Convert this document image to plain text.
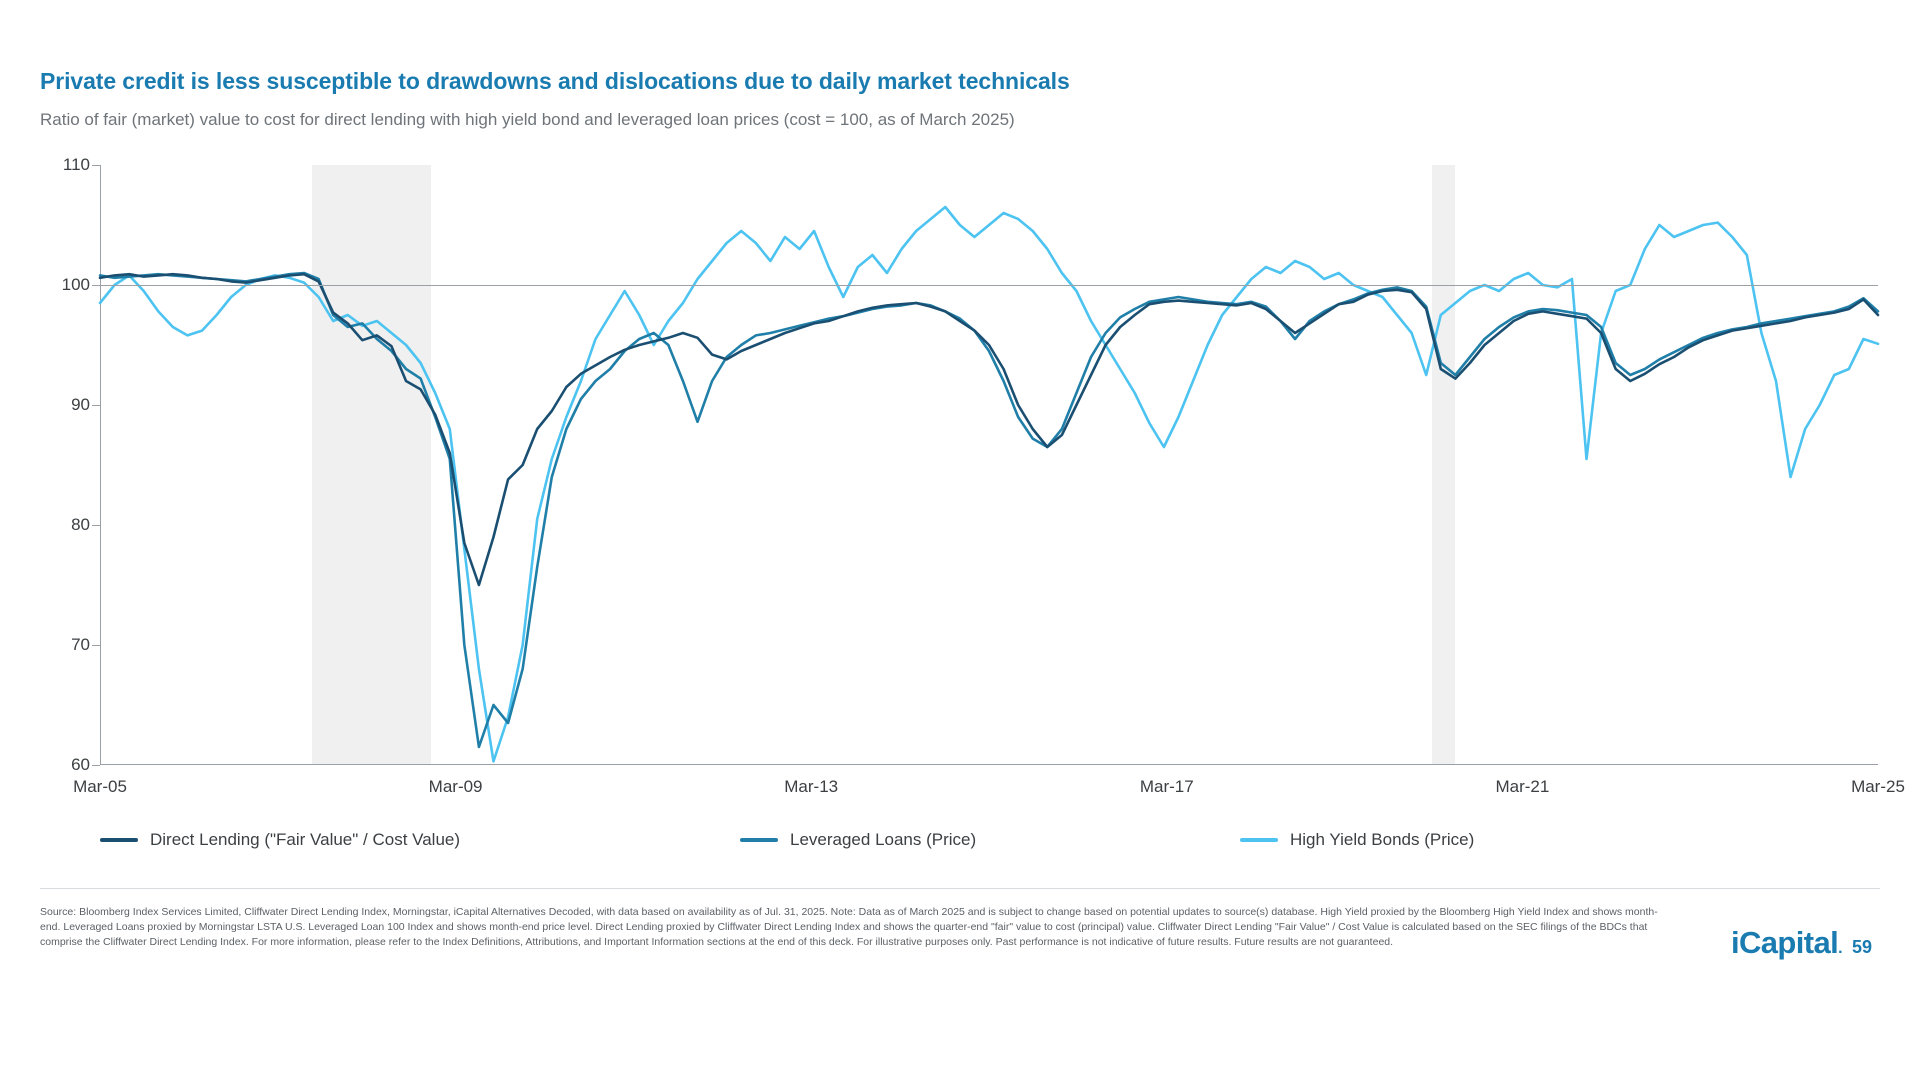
Private credit is less susceptible to drawdowns and dislocations due to daily market technicals
Ratio of fair (market) value to cost for direct lending with high yield bond and leveraged loan prices (cost = 100, as of March 2025)
60
70
80
90
100
110
Mar-05	Mar-09	Mar-13	Mar-17	Mar-21	Mar-25
Direct Lending ("Fair Value" / Cost Value)	Leveraged Loans (Price)	High Yield Bonds (Price)
Source: Bloomberg Index Services Limited, Cliffwater Direct Lending Index, Morningstar, iCapital Alternatives Decoded, with data based on availability as of Jul. 31, 2025. Note: Data as of March 2025 and is subject to change based on potential updates to source(s) database. High Yield proxied by the Bloomberg High Yield Index and shows month-end. Leveraged Loans proxied by Morningstar LSTA U.S. Leveraged Loan 100 Index and shows month-end price level. Direct Lending proxied by Cliffwater Direct Lending Index and shows the quarter-end "fair" value to cost (principal) value. Cliffwater Direct Lending "Fair Value" / Cost Value is calculated based on the SEC filings of the BDCs that comprise the Cliffwater Direct Lending Index. For more information, please refer to the Index Definitions, Attributions, and Important Information sections at the end of this deck. For illustrative purposes only. Past performance is not indicative of future results. Future results are not guaranteed.	iCapital. 59
